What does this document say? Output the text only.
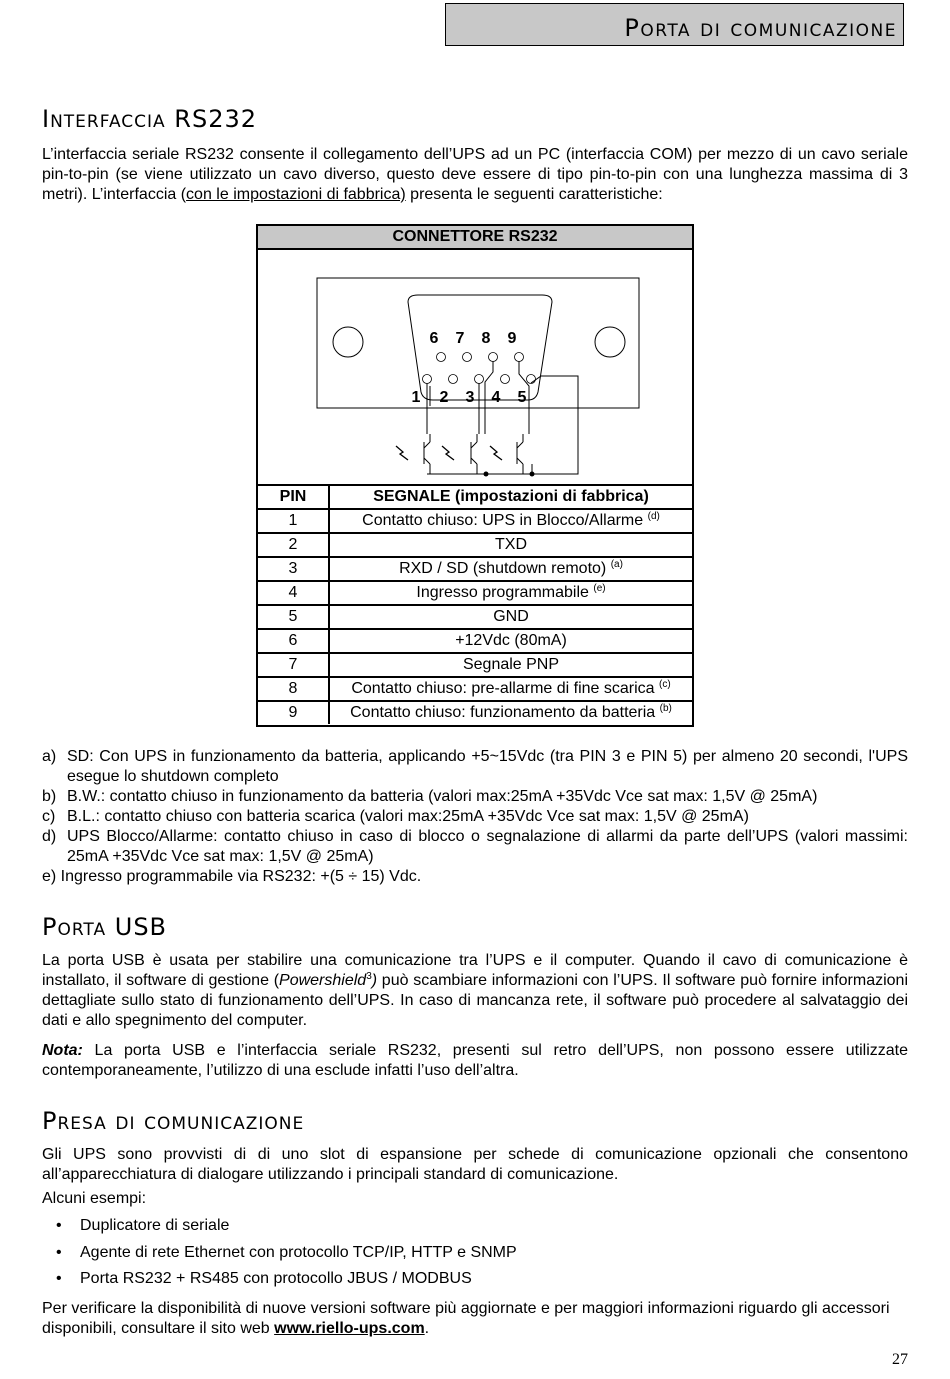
Porta di comunicazione
Interfaccia RS232

L’interfaccia seriale RS232 consente il collegamento dell’UPS ad un PC (interfaccia COM) per mezzo di un cavo seriale pin-to-pin (se viene utilizzato un cavo diverso, questo deve essere di tipo pin-to-pin con una lunghezza massima di 3 metri). L’interfaccia (con le impostazioni di fabbrica) presenta le seguenti caratteristiche:

CONNETTORE RS232
6 7 8 9
1 2 3 4 5
PIN	SEGNALE (impostazioni di fabbrica)
1	Contatto chiuso: UPS in Blocco/Allarme $^{(d)}$
2	TXD
3	RXD / SD (shutdown remoto) $^{(a)}$
4	Ingresso programmabile $^{(e)}$
5	GND
6	+12Vdc (80mA)
7	Segnale PNP
8	Contatto chiuso: pre-allarme di fine scarica $^{(c)}$
9	Contatto chiuso: funzionamento da batteria $^{(b)}$
a) SD: Con UPS in funzionamento da batteria, applicando +5~15Vdc (tra PIN 3 e PIN 5) per almeno 20 secondi, l'UPS esegue lo shutdown completo
b) B.W.: contatto chiuso in funzionamento da batteria (valori max:25mA +35Vdc Vce sat max: 1,5V @ 25mA)
c) B.L.: contatto chiuso con batteria scarica (valori max:25mA +35Vdc Vce sat max: 1,5V @ 25mA)
d) UPS Blocco/Allarme: contatto chiuso in caso di blocco o segnalazione di allarmi da parte dell’UPS (valori massimi: 25mA +35Vdc Vce sat max: 1,5V @ 25mA)
e) Ingresso programmabile via RS232: +(5 ÷ 15) Vdc.
Porta USB

La porta USB è usata per stabilire una comunicazione tra l’UPS e il computer. Quando il cavo di comunicazione è installato, il software di gestione (Powershield$^3$) può scambiare informazioni con l’UPS. Il software può fornire informazioni dettagliate sullo stato di funzionamento dell’UPS. In caso di mancanza rete, il software può procedere al salvataggio dei dati e allo spegnimento del computer.

Nota: La porta USB e l’interfaccia seriale RS232, presenti sul retro dell’UPS, non possono essere utilizzate contemporaneamente, l’utilizzo di una esclude infatti l’uso dell’altra.

Presa di comunicazione

Gli UPS sono provvisti di di uno slot di espansione per schede di comunicazione opzionali che consentono all’apparecchiatura di dialogare utilizzando i principali standard di comunicazione.

Alcuni esempi:

• Duplicatore di seriale
• Agente di rete Ethernet con protocollo TCP/IP, HTTP e SNMP
• Porta RS232 + RS485 con protocollo JBUS / MODBUS

Per verificare la disponibilità di nuove versioni software più aggiornate e per maggiori informazioni riguardo gli accessori disponibili, consultare il sito web www.riello-ups.com.

27
